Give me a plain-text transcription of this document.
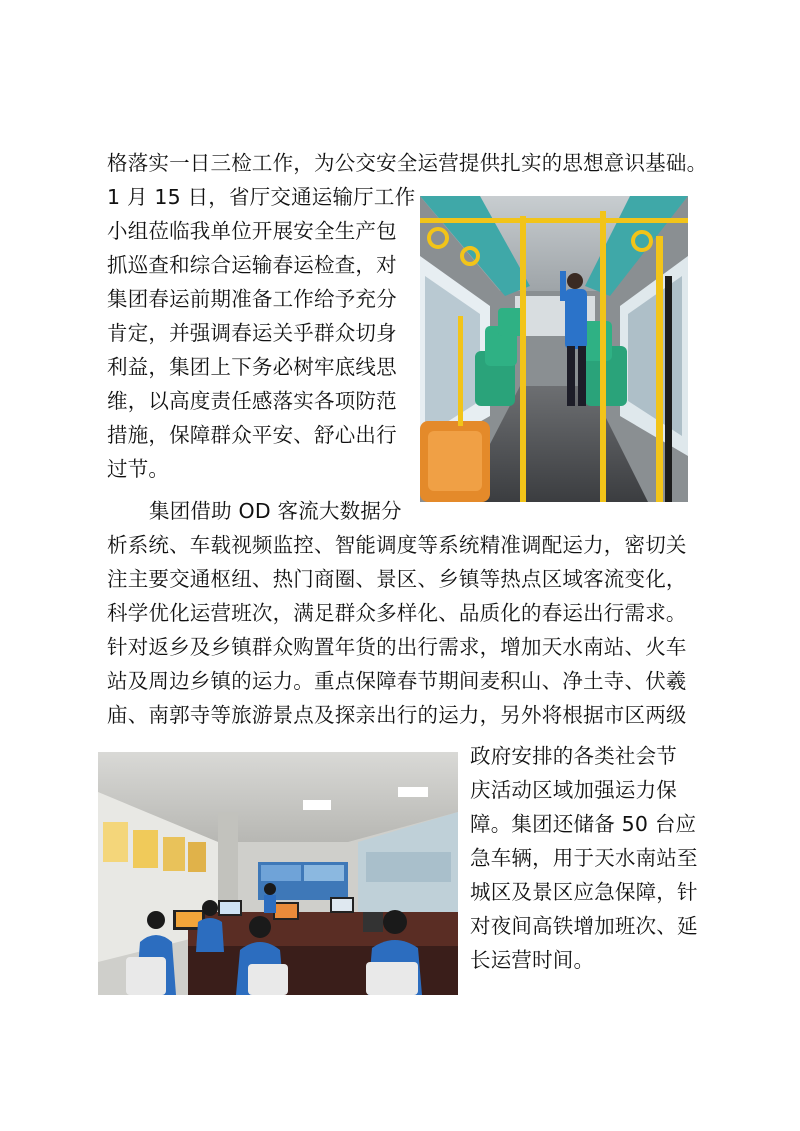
格落实一日三检工作，为公交安全运营提供扎实的思想意识基础。
1 月 15 日，省厅交通运输厅工作
小组莅临我单位开展安全生产包
抓巡查和综合运输春运检查，对
集团春运前期准备工作给予充分
肯定，并强调春运关乎群众切身
利益，集团上下务必树牢底线思
维，以高度责任感落实各项防范
措施，保障群众平安、舒心出行
过节。
集团借助 OD 客流大数据分
析系统、车载视频监控、智能调度等系统精准调配运力，密切关
注主要交通枢纽、热门商圈、景区、乡镇等热点区域客流变化，
科学优化运营班次，满足群众多样化、品质化的春运出行需求。
针对返乡及乡镇群众购置年货的出行需求，增加天水南站、火车
站及周边乡镇的运力。重点保障春节期间麦积山、净土寺、伏羲
庙、南郭寺等旅游景点及探亲出行的运力，另外将根据市区两级
政府安排的各类社会节
庆活动区域加强运力保
障。集团还储备 50 台应
急车辆，用于天水南站至
城区及景区应急保障，针
对夜间高铁增加班次、延
长运营时间。
